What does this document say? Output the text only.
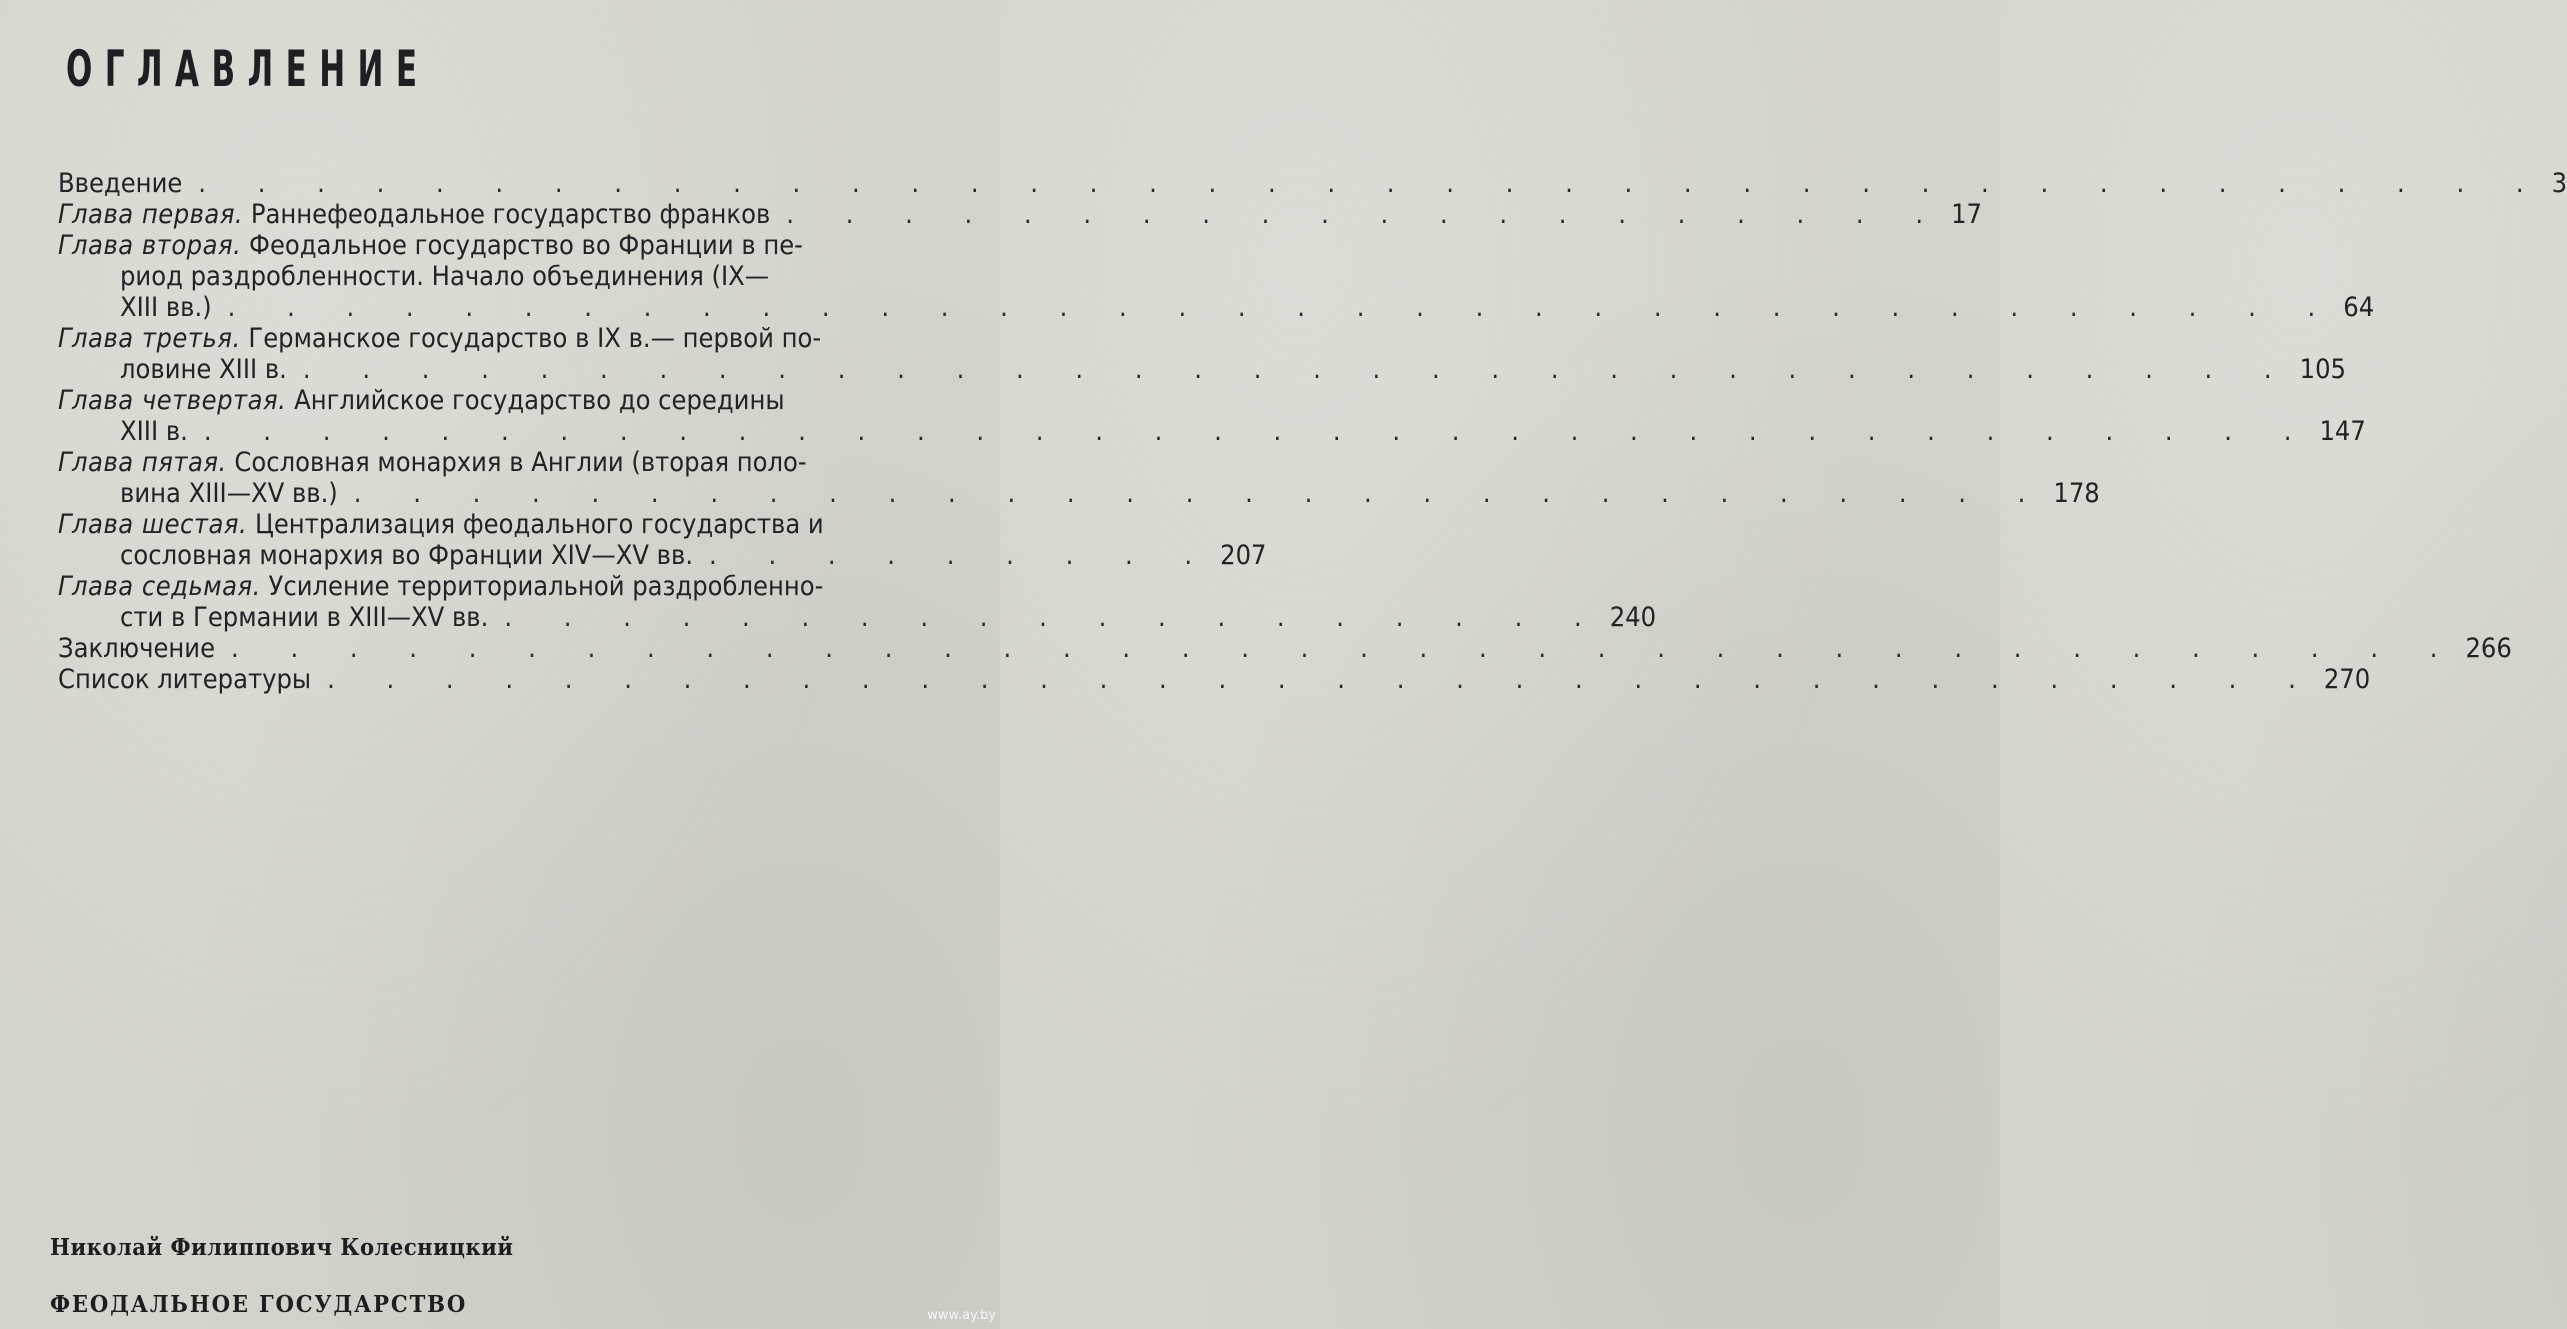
ОГЛАВЛЕНИЕ
Введение . . . . . . . . . . . . . . . . . . . . . . . . . . . . . . . . . . . . . . . . 3
Глава первая.
Раннефеодальное государство франков . . . . . . . . . . . . . . . . . . . . 17
Глава вторая.
Феодальное государство во Франции в пе-
риод раздробленности. Начало объединения (IX—
XIII вв.) . . . . . . . . . . . . . . . . . . . . . . . . . . . . . . . . . . . . 64
Глава третья.
Германское государство в IX в.— первой по-
ловине XIII в. . . . . . . . . . . . . . . . . . . . . . . . . . . . . . . . . . . 105
Глава четвертая.
Английское государство до середины
XIII в. . . . . . . . . . . . . . . . . . . . . . . . . . . . . . . . . . . . . 147
Глава пятая.
Сословная монархия в Англии (вторая поло-
вина XIII—XV вв.) . . . . . . . . . . . . . . . . . . . . . . . . . . . . . 178
Глава шестая.
Централизация феодального государства и
сословная монархия во Франции XIV—XV вв. . . . . . . . . . 207
Глава седьмая.
Усиление территориальной раздробленно-
сти в Германии в XIII—XV вв. . . . . . . . . . . . . . . . . . . . 240
Заключение . . . . . . . . . . . . . . . . . . . . . . . . . . . . . . . . . . . . . . 266
Список литературы . . . . . . . . . . . . . . . . . . . . . . . . . . . . . . . . . . 270
Николай Филиппович Колесницкий
ФЕОДАЛЬНОЕ ГОСУДАРСТВО	www.ay.by
